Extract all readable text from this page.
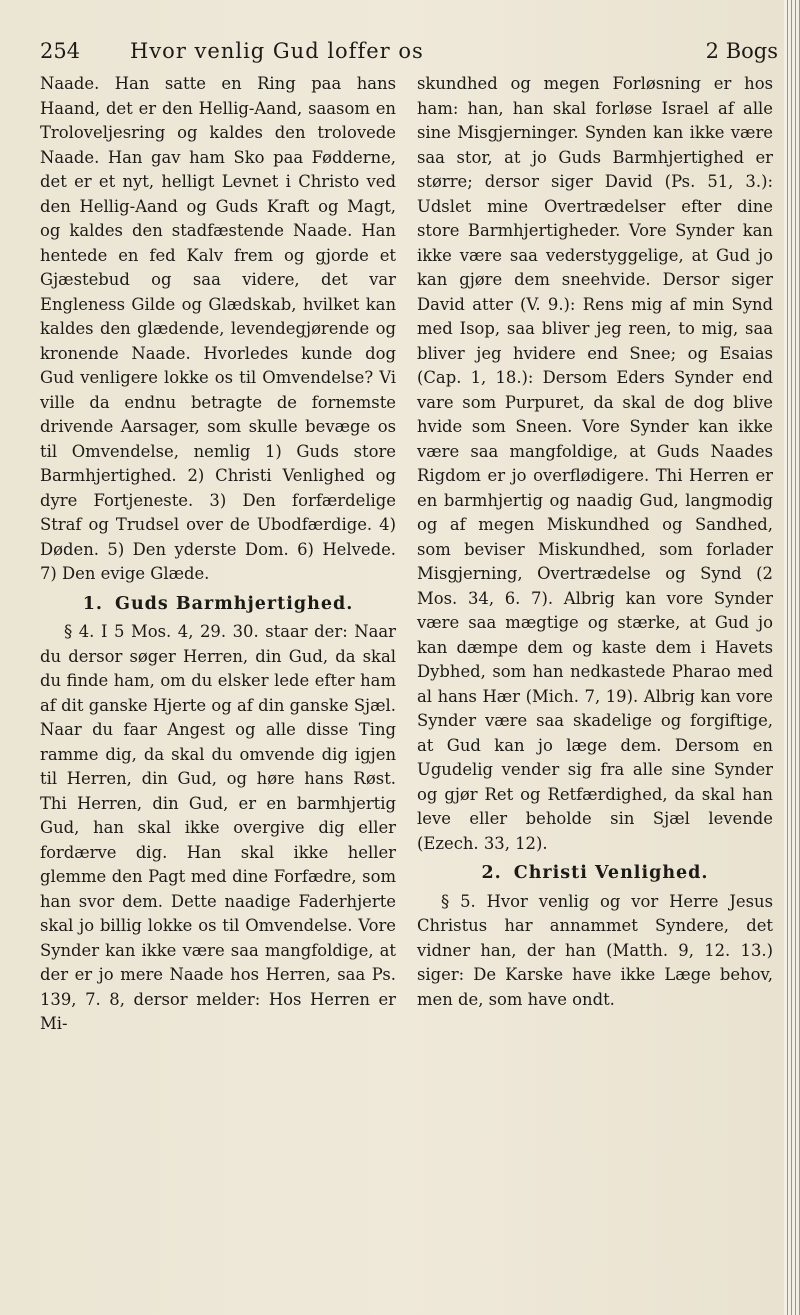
254 Hvor venlig Gud loffer os	2 Bogs

Naade. Han satte en Ring paa hans Haand, det er den Hellig-Aand, saasom en Troloveljesring og kaldes den trolovede Naade. Han gav ham Sko paa Fødderne, det er et nyt, helligt Levnet i Christo ved den Hellig-Aand og Guds Kraft og Magt, og kaldes den stadfæstende Naade. Han hentede en fed Kalv frem og gjorde et Gjæstebud og saa videre, det var Engleness Gilde og Glædskab, hvilket kan kaldes den glædende, levendegjørende og kronende Naade. Hvorledes kunde dog Gud venligere lokke os til Omvendelse? Vi ville da endnu betragte de fornemste drivende Aarsager, som skulle bevæge os til Omvendelse, nemlig 1) Guds store Barmhjertighed. 2) Christi Venlighed og dyre Fortjeneste. 3) Den forfærdelige Straf og Trudsel over de Ubodfærdige. 4) Døden. 5) Den yderste Dom. 6) Helvede. 7) Den evige Glæde.

1. Guds Barmhjertighed.

§ 4. I 5 Mos. 4, 29. 30. staar der: Naar du dersor søger Herren, din Gud, da skal du finde ham, om du elsker lede efter ham af dit ganske Hjerte og af din ganske Sjæl. Naar du faar Angest og alle disse Ting ramme dig, da skal du omvende dig igjen til Herren, din Gud, og høre hans Røst. Thi Herren, din Gud, er en barmhjertig Gud, han skal ikke overgive dig eller fordærve dig. Han skal ikke heller glemme den Pagt med dine Forfædre, som han svor dem. Dette naadige Faderhjerte skal jo billig lokke os til Omvendelse. Vore Synder kan ikke være saa mangfoldige, at der er jo mere Naade hos Herren, saa Ps. 139, 7. 8, dersor melder: Hos Herren er Mi-

skundhed og megen Forløsning er hos ham: han, han skal forløse Israel af alle sine Misgjerninger. Synden kan ikke være saa stor, at jo Guds Barmhjertighed er større; dersor siger David (Ps. 51, 3.): Udslet mine Overtrædelser efter dine store Barmhjertigheder. Vore Synder kan ikke være saa vederstyggelige, at Gud jo kan gjøre dem sneehvide. Dersor siger David atter (V. 9.): Rens mig af min Synd med Isop, saa bliver jeg reen, to mig, saa bliver jeg hvidere end Snee; og Esaias (Cap. 1, 18.): Dersom Eders Synder end vare som Purpuret, da skal de dog blive hvide som Sneen. Vore Synder kan ikke være saa mangfoldige, at Guds Naades Rigdom er jo overflødigere. Thi Herren er en barmhjertig og naadig Gud, langmodig og af megen Miskundhed og Sandhed, som beviser Miskundhed, som forlader Misgjerning, Overtrædelse og Synd (2 Mos. 34, 6. 7). Albrig kan vore Synder være saa mægtige og stærke, at Gud jo kan dæmpe dem og kaste dem i Havets Dybhed, som han nedkastede Pharao med al hans Hær (Mich. 7, 19). Albrig kan vore Synder være saa skadelige og forgiftige, at Gud kan jo læge dem. Dersom en Ugudelig vender sig fra alle sine Synder og gjør Ret og Retfærdighed, da skal han leve eller beholde sin Sjæl levende (Ezech. 33, 12).

2. Christi Venlighed.

§ 5. Hvor venlig og vor Herre Jesus Christus har annammet Syndere, det vidner han, der han (Matth. 9, 12. 13.) siger: De Karske have ikke Læge behov, men de, som have ondt.
